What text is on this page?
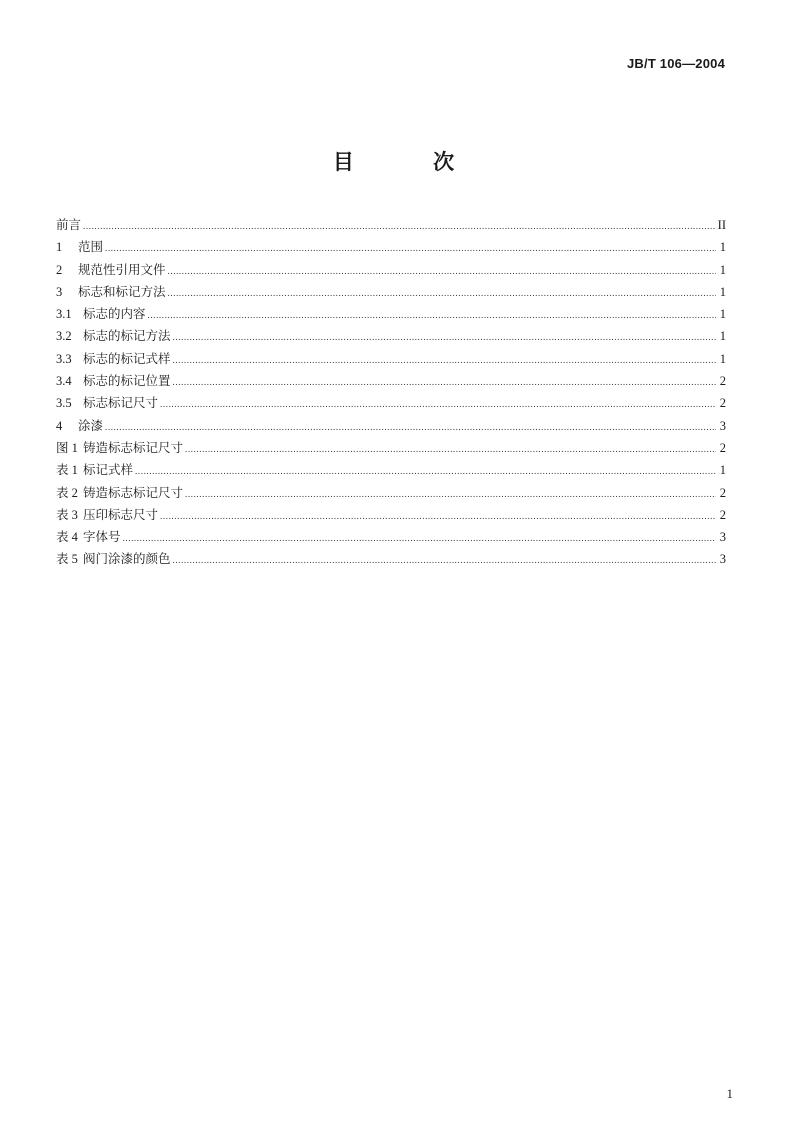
JB/T 106—2004
目 次
前言 .....	II
1	范围 .....	1
2	规范性引用文件 .....	1
3	标志和标记方法 .....	1
3.1 标志的内容 .....	1
3.2 标志的标记方法 .....	1
3.3 标志的标记式样 .....	1
3.4 标志的标记位置 .....	2
3.5 标志标记尺寸 .....	2
4	涂漆 .....	3
图 1 铸造标志标记尺寸 .....	2
表 1 标记式样 .....	1
表 2 铸造标志标记尺寸 .....	2
表 3 压印标志尺寸 .....	2
表 4 字体号 .....	3
表 5 阀门涂漆的颜色 .....	3
1
